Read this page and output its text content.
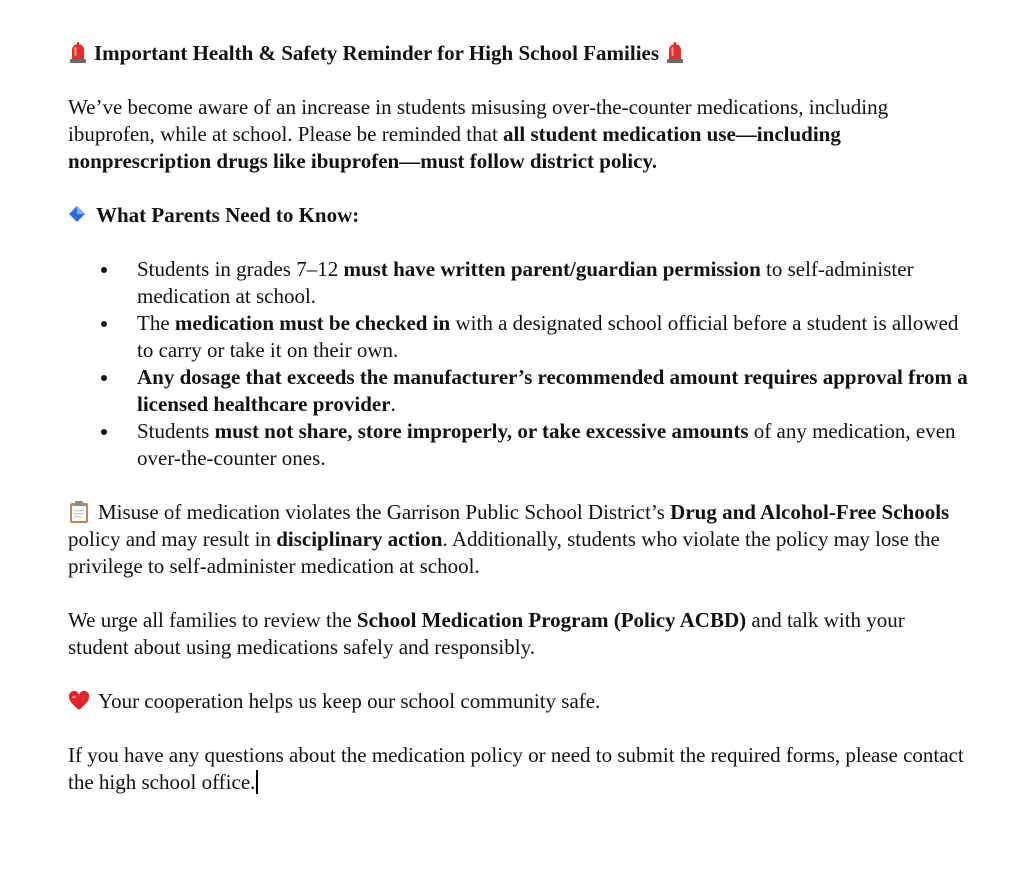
Important Health & Safety Reminder for High School Families

We’ve become aware of an increase in students misusing over-the-counter medications, including ibuprofen, while at school. Please be reminded that all student medication use—including nonprescription drugs like ibuprofen—must follow district policy.

What Parents Need to Know:

Students in grades 7–12 must have written parent/guardian permission to self-administer medication at school.
The medication must be checked in with a designated school official before a student is allowed to carry or take it on their own.
Any dosage that exceeds the manufacturer’s recommended amount requires approval from a licensed healthcare provider.
Students must not share, store improperly, or take excessive amounts of any medication, even over-the-counter ones.

Misuse of medication violates the Garrison Public School District’s Drug and Alcohol-Free Schools policy and may result in disciplinary action. Additionally, students who violate the policy may lose the privilege to self-administer medication at school.

We urge all families to review the School Medication Program (Policy ACBD) and talk with your student about using medications safely and responsibly.

Your cooperation helps us keep our school community safe.

If you have any questions about the medication policy or need to submit the required forms, please contact the high school office.
